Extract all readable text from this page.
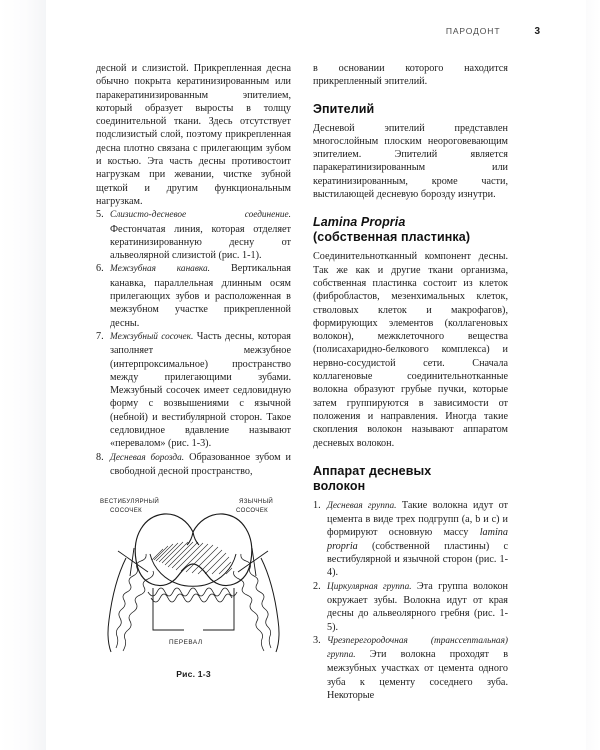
ПАРОДОНТ	3

десной и слизистой. Прикрепленная десна обычно покрыта кератинизированным или паракератинизированным эпителием, который образует выросты в толщу соединительной ткани. Здесь отсутствует подслизистый слой, поэтому прикрепленная десна плотно связана с прилегающим зубом и костью. Эта часть десны противостоит нагрузкам при жевании, чистке зубной щеткой и другим функциональным нагрузкам.

5. Слизисто-десневое соединение. Фестончатая линия, которая отделяет кератинизированную десну от альвеолярной слизистой (рис. 1-1).
6. Межзубная канавка. Вертикальная канавка, параллельная длинным осям прилегающих зубов и расположенная в межзубном участке прикрепленной десны.
7. Межзубный сосочек. Часть десны, которая заполняет межзубное (интерпроксимальное) пространство между прилегающими зубами. Межзубный сосочек имеет седловидную форму с возвышениями с язычной (небной) и вестибулярной сторон. Такое седловидное вдавление называют «перевалом» (рис. 1-3).
8. Десневая борозда. Образованное зубом и свободной десной пространство,
ВЕСТИБУЛЯРНЫЙ
СОСОЧЕК
ЯЗЫЧНЫЙ
СОСОЧЕК
ПЕРЕВАЛ
Рис. 1-3

в основании которого находится прикрепленный эпителий.

Эпителий

Десневой эпителий представлен многослойным плоским неороговевающим эпителием. Эпителий является паракератинизированным или кератинизированным, кроме части, выстилающей десневую борозду изнутри.

Lamina Propria
(собственная пластинка)

Соединительнотканный компонент десны. Так же как и другие ткани организма, собственная пластинка состоит из клеток (фибробластов, мезенхимальных клеток, стволовых клеток и макрофагов), формирующих элементов (коллагеновых волокон), межклеточного вещества (полисахаридно-белкового комплекса) и нервно-сосудистой сети. Сначала коллагеновые соединительнотканные волокна образуют грубые пучки, которые затем группируются в зависимости от положения и направления. Иногда такие скопления волокон называют аппаратом десневых волокон.

Аппарат десневых
волокон
1. Десневая группа. Такие волокна идут от цемента в виде трех подгрупп (a, b и c) и формируют основную массу lamina propria (собственной пластины) с вестибулярной и язычной сторон (рис. 1-4).
2. Циркулярная группа. Эта группа волокон окружает зубы. Волокна идут от края десны до альвеолярного гребня (рис. 1-5).
3. Чрезперегородочная (транссептальная) группа. Эти волокна проходят в межзубных участках от цемента одного зуба к цементу соседнего зуба. Некоторые
